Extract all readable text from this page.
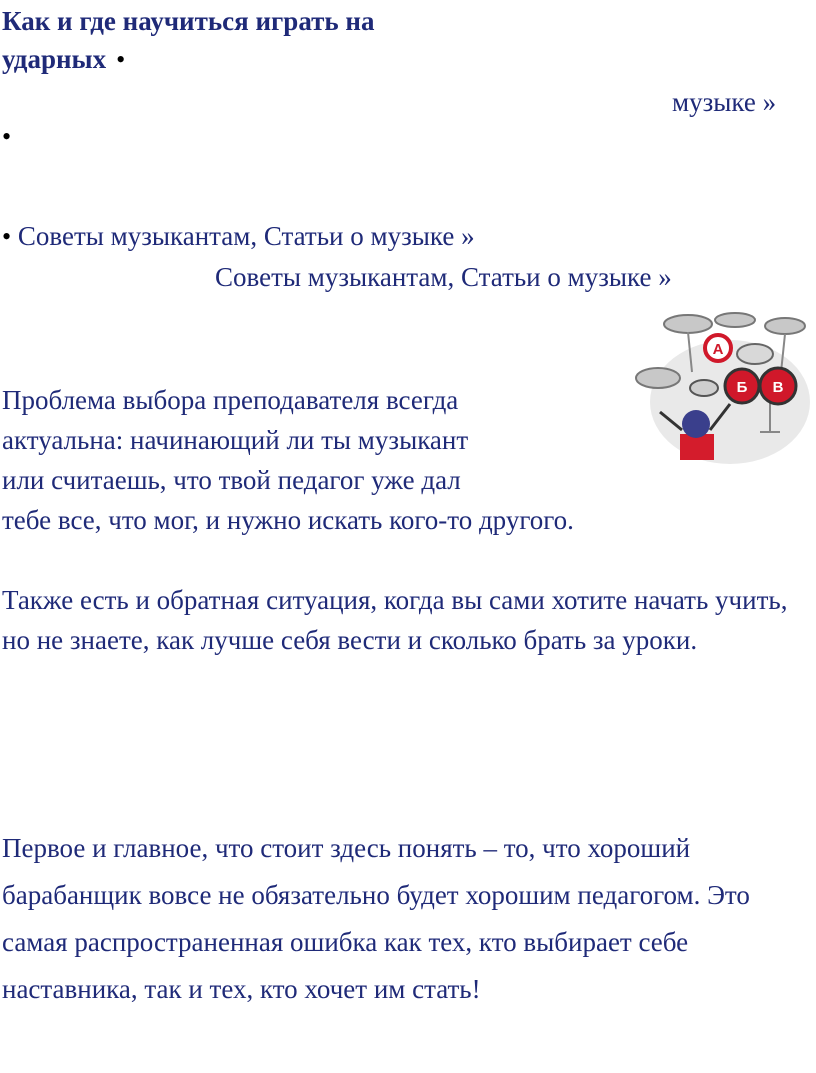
Как и где научиться играть на
ударных •
музыке »
•
• Советы музыкантам, Статьи о музыке »
Советы музыкантам, Статьи о музыке »
Проблема выбора преподавателя всегда
актуальна: начинающий ли ты музыкант
или считаешь, что твой педагог уже дал
тебе все, что мог, и нужно искать кого-то другого.

Также есть и обратная ситуация, когда вы сами хотите начать учить, но не знаете, как лучше себя вести и сколько брать за уроки.

Первое и главное, что стоит здесь понять – то, что хороший барабанщик вовсе не обязательно будет хорошим педагогом. Это самая распространенная ошибка как тех, кто выбирает себе наставника, так и тех, кто хочет им стать!

А
Б В
